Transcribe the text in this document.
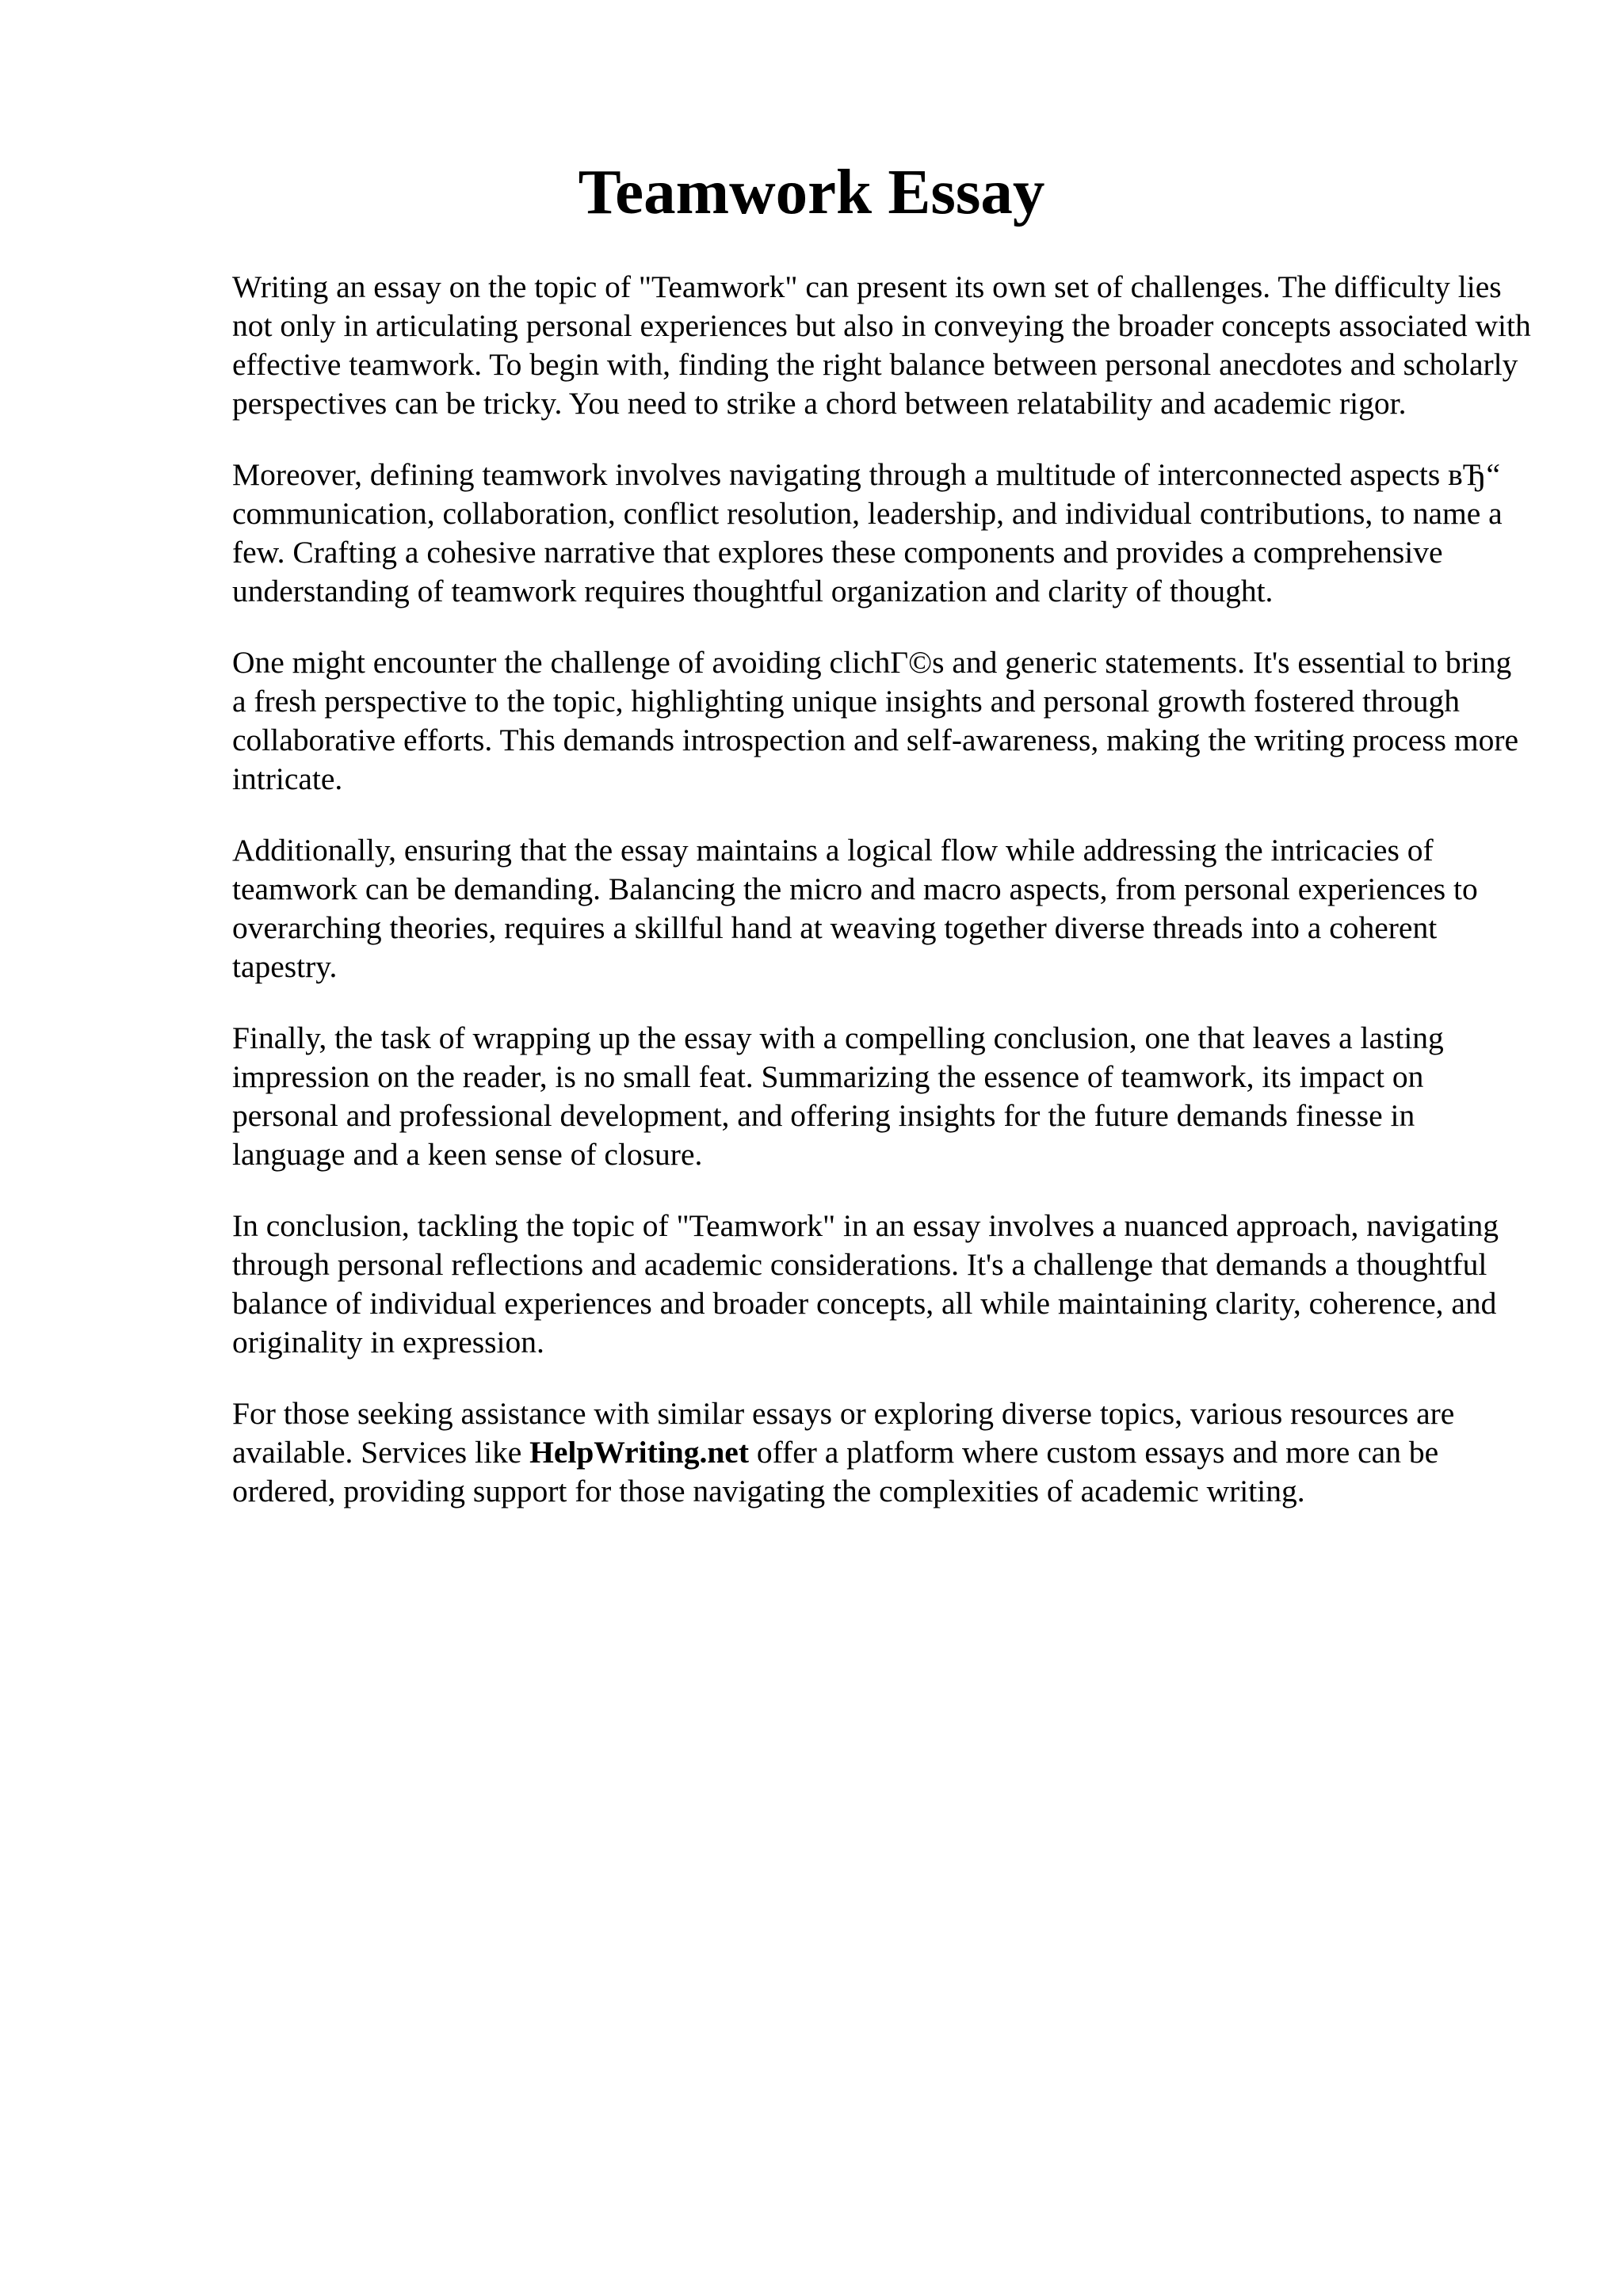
Teamwork Essay

Writing an essay on the topic of "Teamwork" can present its own set of challenges. The difficulty lies not only in articulating personal experiences but also in conveying the broader concepts associated with effective teamwork. To begin with, finding the right balance between personal anecdotes and scholarly perspectives can be tricky. You need to strike a chord between relatability and academic rigor.

Moreover, defining teamwork involves navigating through a multitude of interconnected aspects вЂ“ communication, collaboration, conflict resolution, leadership, and individual contributions, to name a few. Crafting a cohesive narrative that explores these components and provides a comprehensive understanding of teamwork requires thoughtful organization and clarity of thought.

One might encounter the challenge of avoiding clichГ©s and generic statements. It's essential to bring a fresh perspective to the topic, highlighting unique insights and personal growth fostered through collaborative efforts. This demands introspection and self-awareness, making the writing process more intricate.

Additionally, ensuring that the essay maintains a logical flow while addressing the intricacies of teamwork can be demanding. Balancing the micro and macro aspects, from personal experiences to overarching theories, requires a skillful hand at weaving together diverse threads into a coherent tapestry.

Finally, the task of wrapping up the essay with a compelling conclusion, one that leaves a lasting impression on the reader, is no small feat. Summarizing the essence of teamwork, its impact on personal and professional development, and offering insights for the future demands finesse in language and a keen sense of closure.

In conclusion, tackling the topic of "Teamwork" in an essay involves a nuanced approach, navigating through personal reflections and academic considerations. It's a challenge that demands a thoughtful balance of individual experiences and broader concepts, all while maintaining clarity, coherence, and originality in expression.

For those seeking assistance with similar essays or exploring diverse topics, various resources are available. Services like HelpWriting.net offer a platform where custom essays and more can be ordered, providing support for those navigating the complexities of academic writing.
